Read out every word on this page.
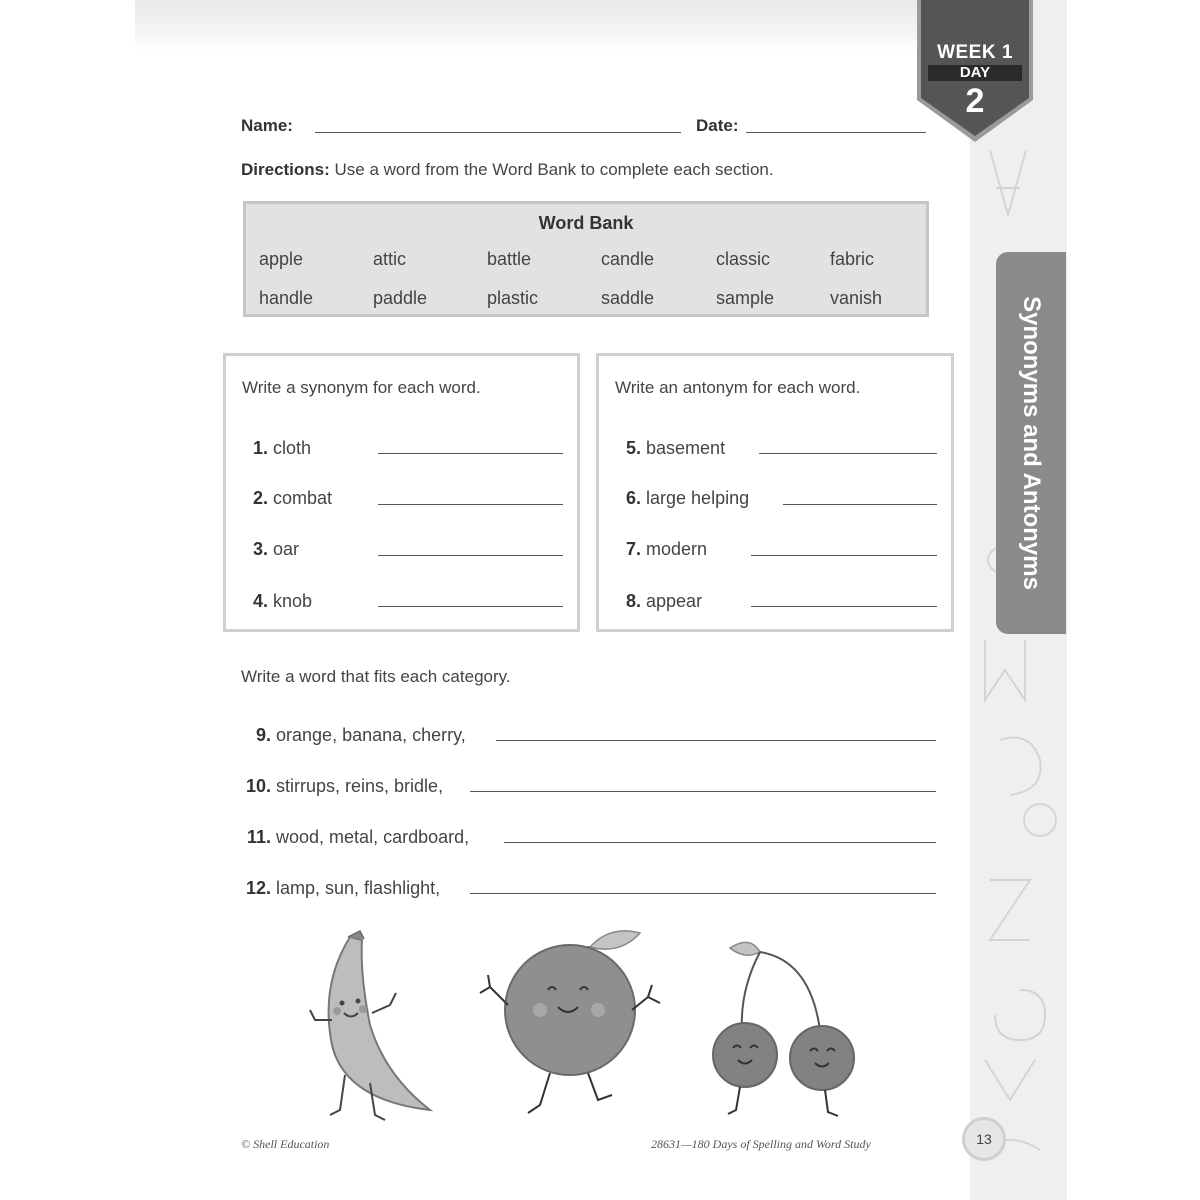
WEEK 1
DAY
2
Synonyms and Antonyms
Name:	Date:
Directions: Use a word from the Word Bank to complete each section.
Word Bank
apple	attic	battle	candle	classic	fabric
handle	paddle	plastic	saddle	sample	vanish
Write a synonym for each word.
1. cloth
2. combat
3. oar
4. knob
Write an antonym for each word.
5. basement
6. large helping
7. modern
8. appear
Write a word that fits each category.
9. orange, banana, cherry,
10. stirrups, reins, bridle,
11. wood, metal, cardboard,
12. lamp, sun, flashlight,
© Shell Education	28631—180 Days of Spelling and Word Study	13
